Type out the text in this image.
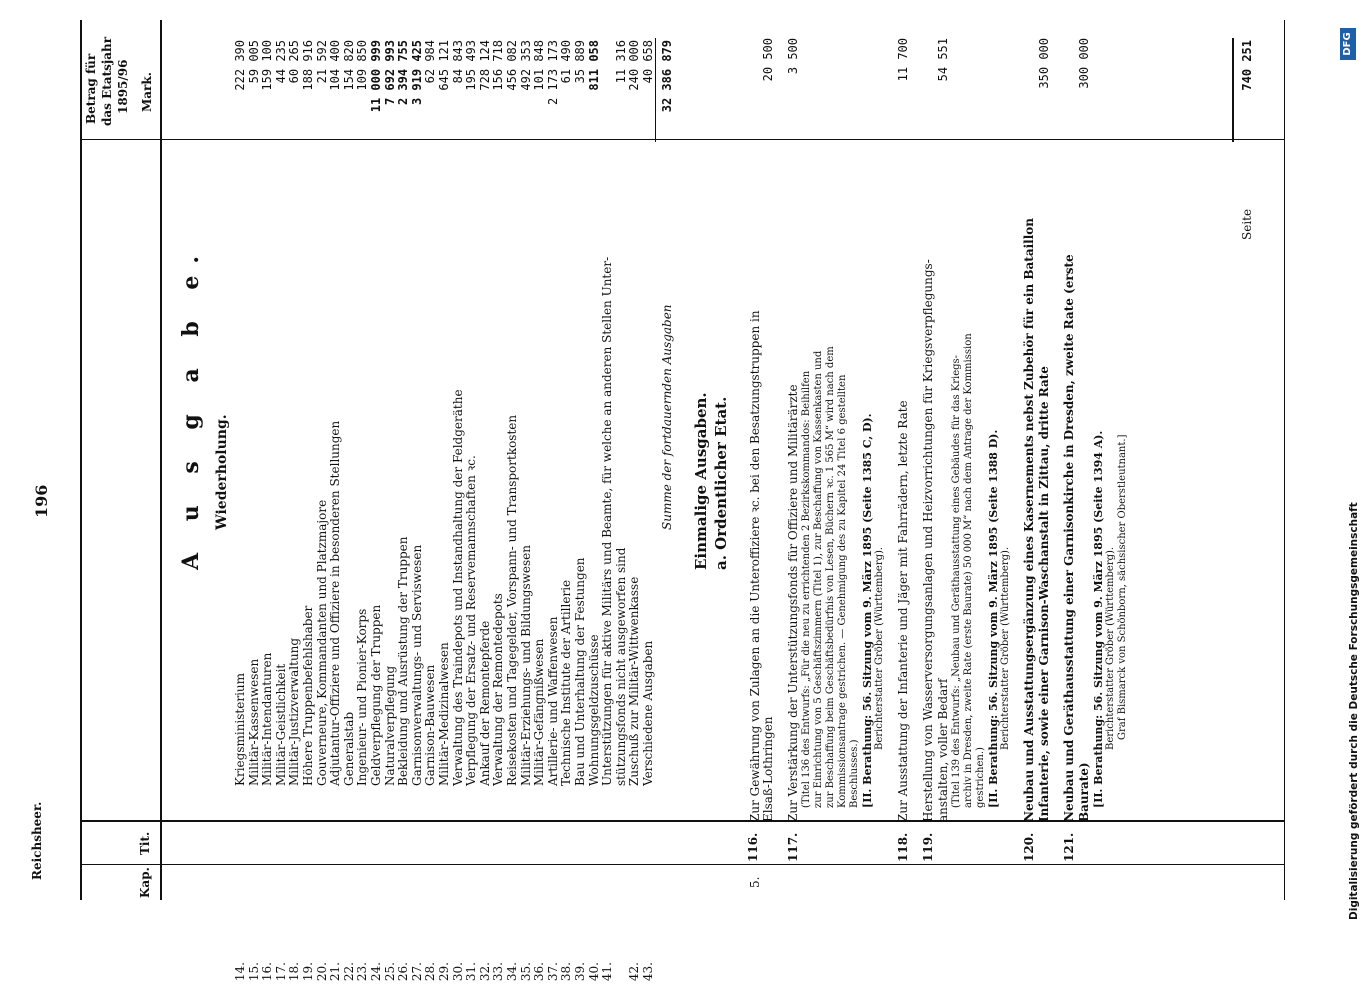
Reichsheer.
196
Kap.
Tit.
Betrag für das Etatsjahr 1895/96 Mark.
A u s g a b e. Wiederholung.
14.
Kriegsministerium
222 390
15.
Militär-Kassenwesen
59 005
16.
Militär-Intendanturen
159 100
17.
Militär-Geistlichkeit
44 235
18.
Militär-Justizverwaltung
60 265
19.
Höhere Truppenbefehlshaber
188 916
20.
Gouverneure, Kommandanten und Platzmajore
21 592
21.
Adjutantur-Offiziere und Offiziere in besonderen Stellungen
104 400
22.
Generalstab
154 820
23.
Ingenieur- und Pionier-Korps
109 850
24.
Geldverpflegung der Truppen
11 000 999
25.
Naturalverpflegung
7 692 993
26.
Bekleidung und Ausrüstung der Truppen
2 394 755
27.
Garnisonverwaltungs- und Serviswesen
3 919 425
28.
Garnison-Bauwesen
62 984
29.
Militär-Medizinalwesen
645 121
30.
Verwaltung des Traindepots und Instandhaltung der Feldgeräthe
84 843
31.
Verpflegung der Ersatz- und Reservemannschaften ꝛc.
195 493
32.
Ankauf der Remontepferde
728 124
33.
Verwaltung der Remontedepots
156 718
34.
Reisekosten und Tagegelder, Vorspann- und Transportkosten
456 082
35.
Militär-Erziehungs- und Bildungswesen
492 353
36.
Militär-Gefängnißwesen
101 848
37.
Artillerie- und Waffenwesen
2 173 173
38.
Technische Institute der Artillerie
61 490
39.
Bau und Unterhaltung der Festungen
35 889
40.
Wohnungsgeldzuschüsse
811 058
41.
Unterstützungen für aktive Militärs und Beamte, für welche an anderen Stellen Unter- stützungsfonds nicht ausgeworfen sind
11 316
42.
Zuschuß zur Militär-Wittwenkasse
240 000
43.
Verschiedene Ausgaben
40 658
Summe der fortdauernden Ausgaben
32 386 879
Einmalige Ausgaben. a. Ordentlicher Etat.
5.
116.
Zur Gewährung von Zulagen an die Unteroffiziere ꝛc. bei den Besatzungstruppen in Elsaß-Lothringen
20 500
117.
Zur Verstärkung der Unterstützungsfonds für Offiziere und Militärärzte
3 500
(Titel 136 des Entwurfs: „Für die neu zu errichtenden 2 Bezirkskommandos: Beihilfen zur Einrichtung von 5 Geschäftszimmern (Titel 1), zur Beschaffung von Kassenkasten und zur Beschaffung beim Geschäftsbedürfnis von Lesen, Büchern ꝛc. 1 565 M“ wird nach dem Kommissionsantrage gestrichen. — Genehmigung des zu Kapitel 24 Titel 6 gestellten Beschlusses.) [II. Berathung: 56. Sitzung vom 9. März 1895 (Seite 1385 C, D). Berichterstatter Gröber (Württemberg).
118.
Zur Ausstattung der Infanterie und Jäger mit Fahrrädern, letzte Rate
11 700
119.
Herstellung von Wasserversorgungsanlagen und Heizvorrichtungen für Kriegsverpflegungs- anstalten, voller Bedarf
54 551
(Titel 139 des Entwurfs: „Neubau und Geräthausstattung eines Gebäudes für das Kriegs- archiv in Dresden, zweite Rate (erste Baurate) 50 000 M“ nach dem Antrage der Kommission gestrichen.) [II. Berathung: 56. Sitzung vom 9. März 1895 (Seite 1388 D). Berichterstatter Gröber (Württemberg).
120.
Neubau und Ausstattungsergänzung eines Kasernements nebst Zubehör für ein Bataillon Infanterie, sowie einer Garnison-Waschanstalt in Zittau, dritte Rate
350 000
121.
Neubau und Geräthausstattung einer Garnisonkirche in Dresden, zweite Rate (erste Baurate)
300 000
[II. Berathung: 56. Sitzung vom 9. März 1895 (Seite 1394 A). Berichterstatter Gröber (Württemberg). Graf Bismarck von Schönborn, sächsischer Oberstleutnant.]
Seite
740 251
Digitalisierung gefördert durch die Deutsche Forschungsgemeinschaft
DFG
